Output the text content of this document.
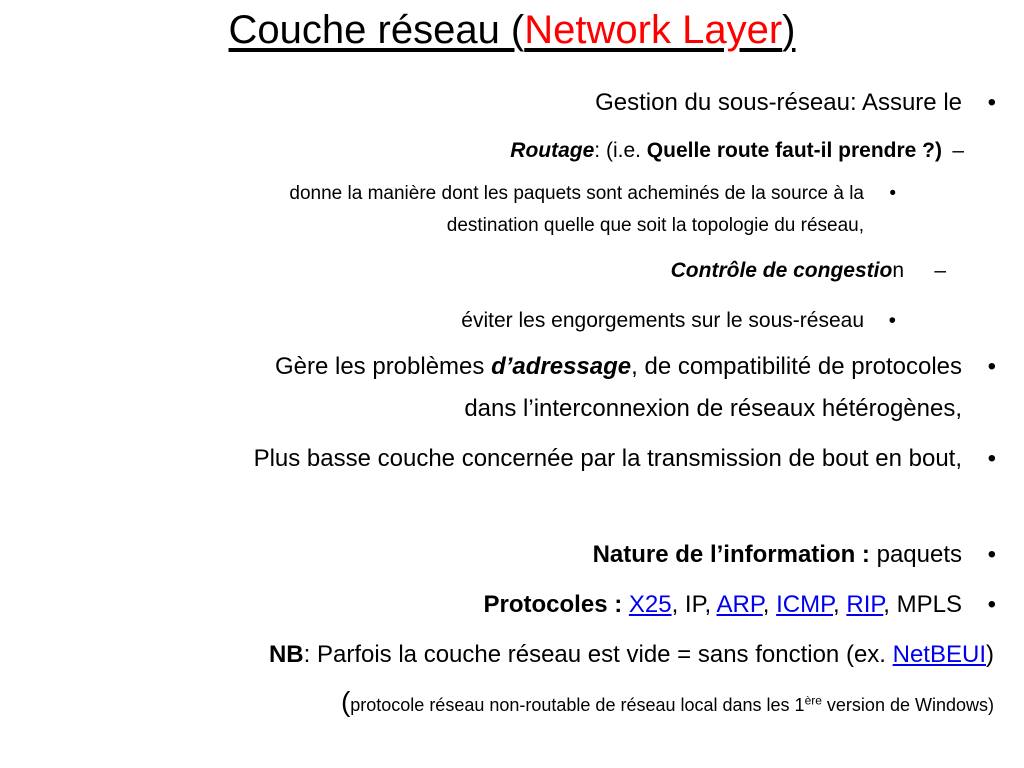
Couche réseau (Network Layer)
Gestion du sous-réseau: Assure le •
Routage: (i.e. Quelle route faut-il prendre ?) –
donne la manière dont les paquets sont acheminés de la source à la •
destination quelle que soit la topologie du réseau,
Contrôle de congestion –
éviter les engorgements sur le sous-réseau •
Gère les problèmes d’adressage, de compatibilité de protocoles •
dans l’interconnexion de réseaux hétérogènes,
Plus basse couche concernée par la transmission de bout en bout, •
Nature de l’information : paquets •
Protocoles : X25, IP, ARP, ICMP, RIP, MPLS •
NB: Parfois la couche réseau est vide = sans fonction (ex. NetBEUI)
(protocole réseau non-routable de réseau local dans les 1ère version de Windows)
